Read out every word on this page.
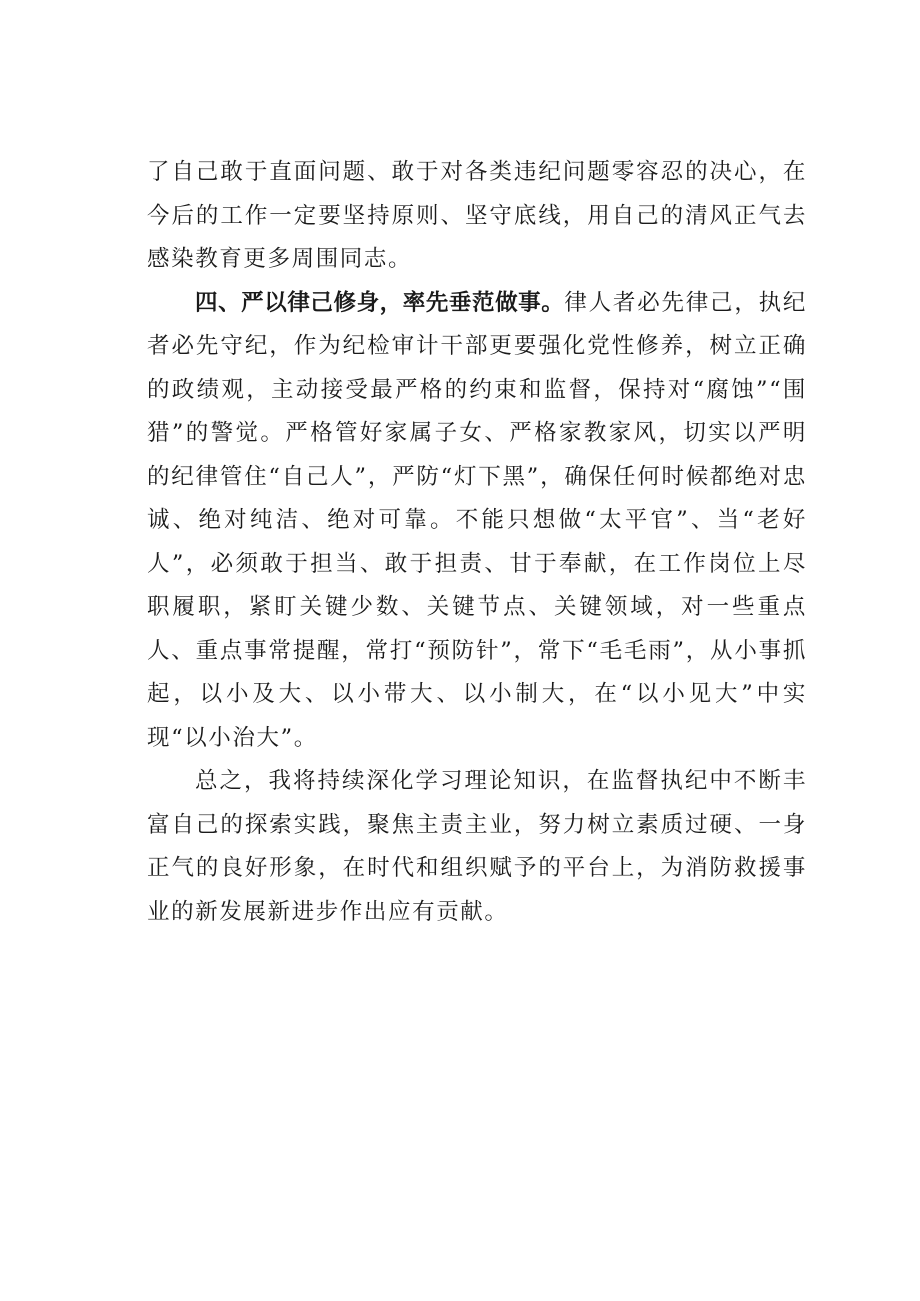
了自己敢于直面问题、敢于对各类违纪问题零容忍的决心，在今后的工作一定要坚持原则、坚守底线，用自己的清风正气去感染教育更多周围同志。

四、严以律己修身，率先垂范做事。律人者必先律己，执纪者必先守纪，作为纪检审计干部更要强化党性修养，树立正确的政绩观，主动接受最严格的约束和监督，保持对“腐蚀”“围猎”的警觉。严格管好家属子女、严格家教家风，切实以严明的纪律管住“自己人”，严防“灯下黑”，确保任何时候都绝对忠诚、绝对纯洁、绝对可靠。不能只想做“太平官”、当“老好人”，必须敢于担当、敢于担责、甘于奉献，在工作岗位上尽职履职，紧盯关键少数、关键节点、关键领域，对一些重点人、重点事常提醒，常打“预防针”，常下“毛毛雨”，从小事抓起，以小及大、以小带大、以小制大，在“以小见大”中实现“以小治大”。

总之，我将持续深化学习理论知识，在监督执纪中不断丰富自己的探索实践，聚焦主责主业，努力树立素质过硬、一身正气的良好形象，在时代和组织赋予的平台上，为消防救援事业的新发展新进步作出应有贡献。
